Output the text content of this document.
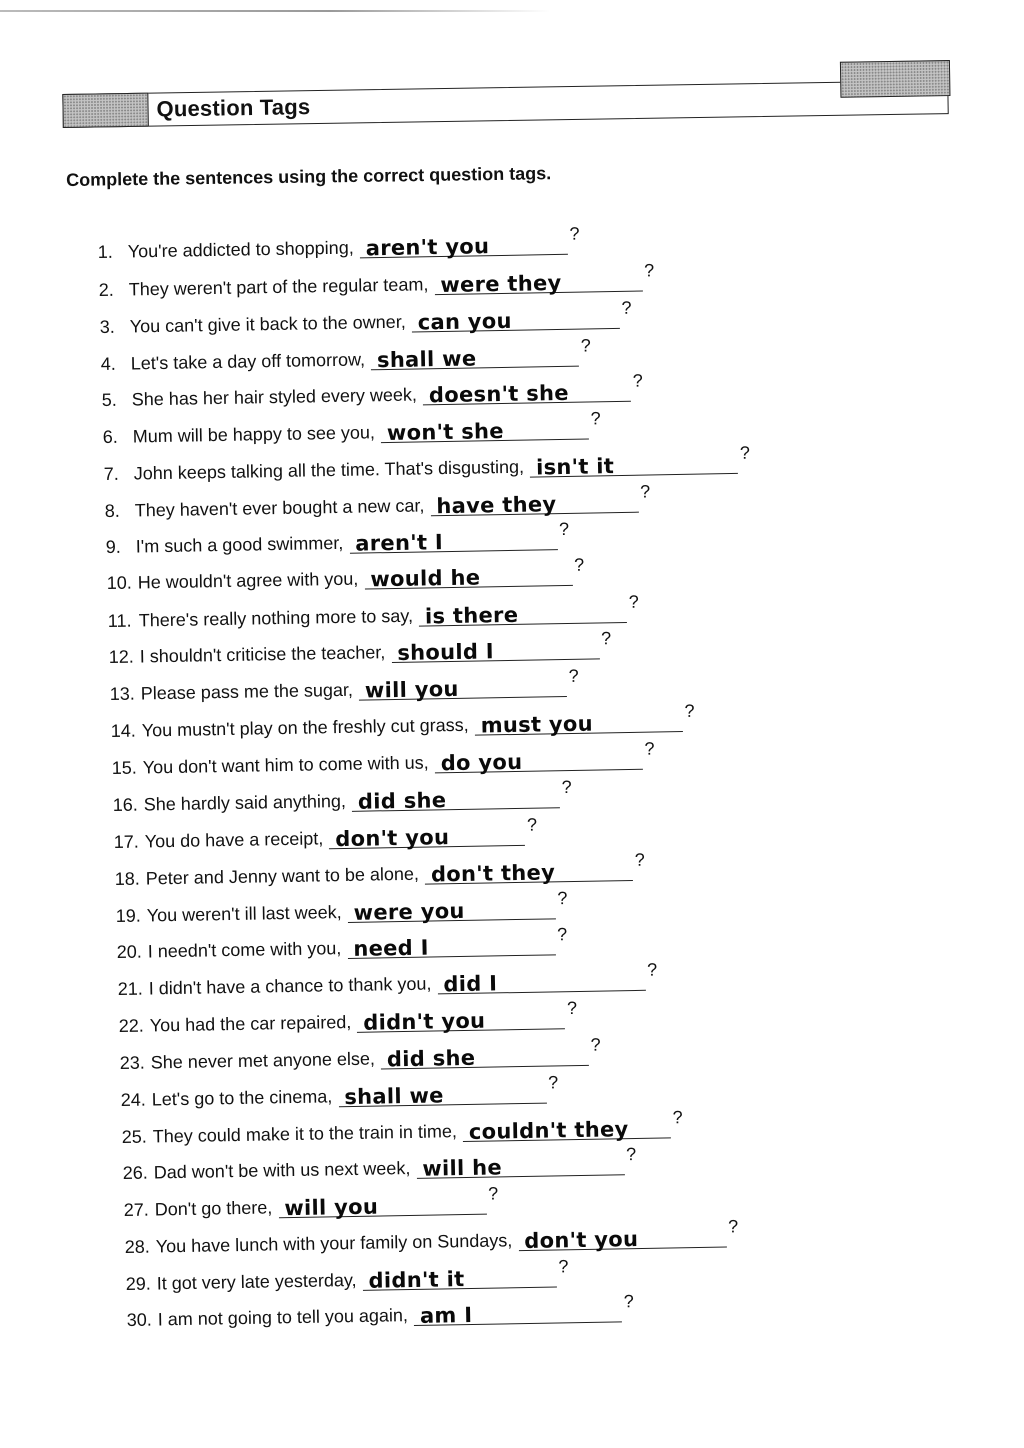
Question Tags
Complete the sentences using the correct question tags.
1. You're addicted to shopping, aren't you
?
2. They weren't part of the regular team, were they
?
3. You can't give it back to the owner, can you
?
4. Let's take a day off tomorrow, shall we
?
5. She has her hair styled every week, doesn't she
?
6. Mum will be happy to see you, won't she
?
7. John keeps talking all the time. That's disgusting, isn't it
?
8. They haven't ever bought a new car, have they
?
9. I'm such a good swimmer, aren't I
?
10. He wouldn't agree with you, would he
?
11. There's really nothing more to say, is there
?
12. I shouldn't criticise the teacher, should I
?
13. Please pass me the sugar, will you
?
14. You mustn't play on the freshly cut grass, must you
?
15. You don't want him to come with us, do you
?
16. She hardly said anything, did she
?
17. You do have a receipt, don't you
?
18. Peter and Jenny want to be alone, don't they
?
19. You weren't ill last week, were you
?
20. I needn't come with you, need I
?
21. I didn't have a chance to thank you, did I
?
22. You had the car repaired, didn't you
?
23. She never met anyone else, did she
?
24. Let's go to the cinema, shall we
?
25. They could make it to the train in time, couldn't they ?
26. Dad won't be with us next week, will he
?
27. Don't go there, will you
?
28. You have lunch with your family on Sundays, don't you
?
29. It got very late yesterday, didn't it
?
30. I am not going to tell you again, am I
?
